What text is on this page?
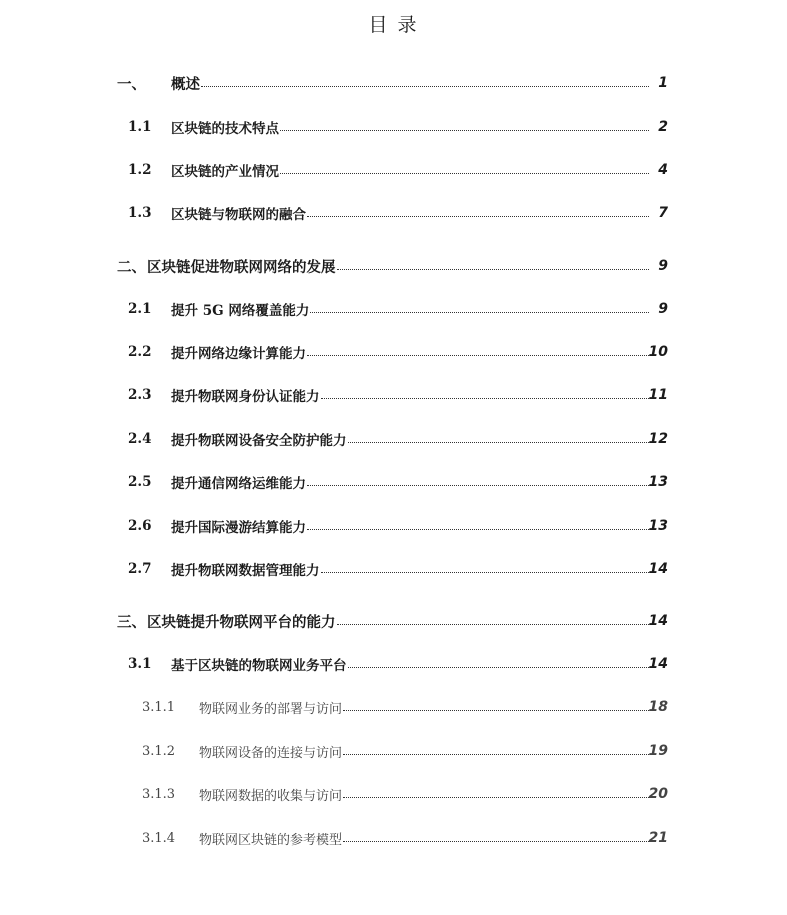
目 录
一、 概述	1
1.1 区块链的技术特点	2
1.2 区块链的产业情况	4
1.3 区块链与物联网的融合	7
二、 区块链促进物联网网络的发展	9
2.1 提升 5G 网络覆盖能力	9
2.2 提升网络边缘计算能力	10
2.3 提升物联网身份认证能力	11
2.4 提升物联网设备安全防护能力	12
2.5 提升通信网络运维能力	13
2.6 提升国际漫游结算能力	13
2.7 提升物联网数据管理能力	14
三、 区块链提升物联网平台的能力	14
3.1 基于区块链的物联网业务平台	14
3.1.1 物联网业务的部署与访问	18
3.1.2 物联网设备的连接与访问	19
3.1.3 物联网数据的收集与访问	20
3.1.4 物联网区块链的参考模型	21
